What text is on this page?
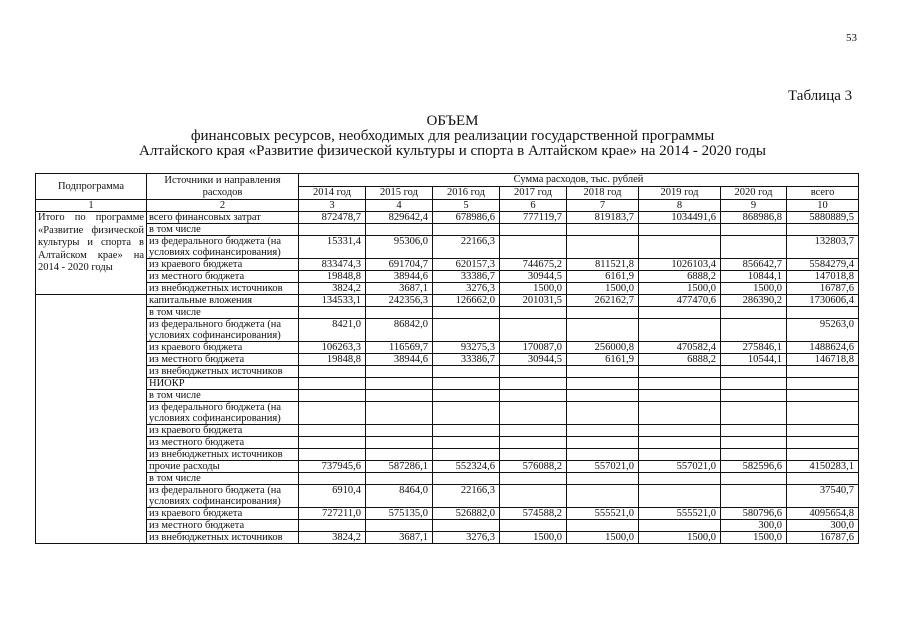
53
Таблица 3
ОБЪЕМ
финансовых ресурсов, необходимых для реализации государственной программы
Алтайского края «Развитие физической культуры и спорта в Алтайском крае» на 2014 - 2020 годы
Подпрограмма	Источники и направления расходов	Сумма расходов, тыс. рублей							
		2014 год	2015 год	2016 год	2017 год	2018 год	2019 год	2020 год	всего
1	2	3	4	5	6	7	8	9	10
Итого по программе «Развитие физической культуры и спорта в Алтайском крае» на 2014 - 2020 годы	всего финансовых затрат	872478,7	829642,4	678986,6	777119,7	819183,7	1034491,6	868986,8	5880889,5
	в том числе								
	из федерального бюджета (на условиях софинансирования)	15331,4	95306,0	22166,3					132803,7
	из краевого бюджета	833474,3	691704,7	620157,3	744675,2	811521,8	1026103,4	856642,7	5584279,4
	из местного бюджета	19848,8	38944,6	33386,7	30944,5	6161,9	6888,2	10844,1	147018,8
	из внебюджетных источников	3824,2	3687,1	3276,3	1500,0	1500,0	1500,0	1500,0	16787,6
	капитальные вложения	134533,1	242356,3	126662,0	201031,5	262162,7	477470,6	286390,2	1730606,4
	в том числе								
	из федерального бюджета (на условиях софинансирования)	8421,0	86842,0						95263,0
	из краевого бюджета	106263,3	116569,7	93275,3	170087,0	256000,8	470582,4	275846,1	1488624,6
	из местного бюджета	19848,8	38944,6	33386,7	30944,5	6161,9	6888,2	10544,1	146718,8
	из внебюджетных источников								
	НИОКР								
	в том числе								
	из федерального бюджета (на условиях софинансирования)								
	из краевого бюджета								
	из местного бюджета								
	из внебюджетных источников								
	прочие расходы	737945,6	587286,1	552324,6	576088,2	557021,0	557021,0	582596,6	4150283,1
	в том числе								
	из федерального бюджета (на условиях софинансирования)	6910,4	8464,0	22166,3					37540,7
	из краевого бюджета	727211,0	575135,0	526882,0	574588,2	555521,0	555521,0	580796,6	4095654,8
	из местного бюджета							300,0	300,0
	из внебюджетных источников	3824,2	3687,1	3276,3	1500,0	1500,0	1500,0	1500,0	16787,6
